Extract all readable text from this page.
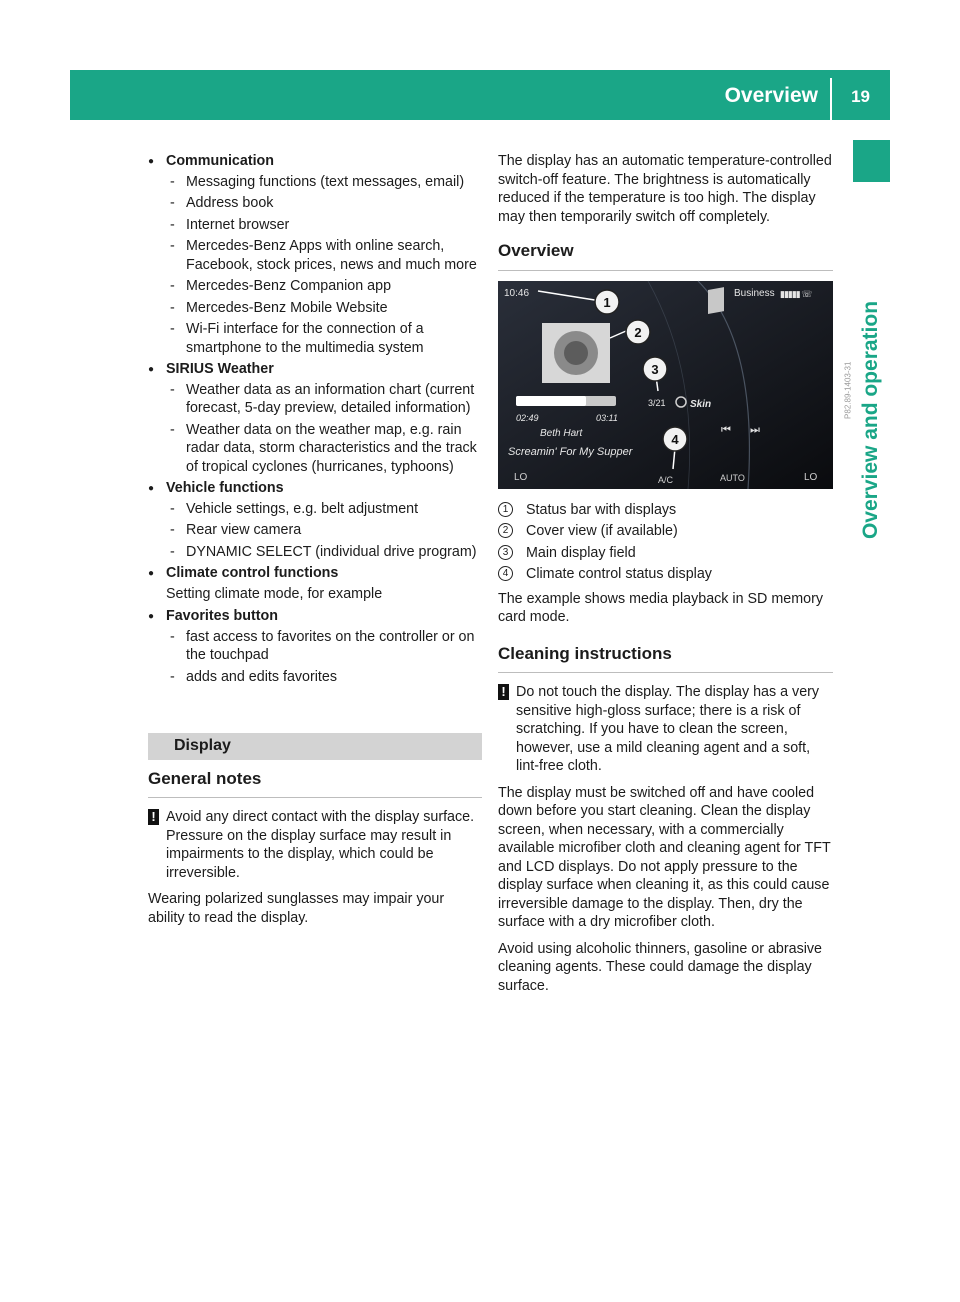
Overview 19
Overview and operation
● Communication
- Messaging functions (text messages, email)
- Address book
- Internet browser
- Mercedes-Benz Apps with online search, Facebook, stock prices, news and much more
- Mercedes-Benz Companion app
- Mercedes-Benz Mobile Website
- Wi-Fi interface for the connection of a smartphone to the multimedia system
● SIRIUS Weather
- Weather data as an information chart (current forecast, 5-day preview, detailed information)
- Weather data on the weather map, e.g. rain radar data, storm characteristics and the track of tropical cyclones (hurricanes, typhoons)
● Vehicle functions
- Vehicle settings, e.g. belt adjustment
- Rear view camera
- DYNAMIC SELECT (individual drive program)
● Climate control functions
Setting climate mode, for example
● Favorites button
- fast access to favorites on the controller or on the touchpad
- adds and edits favorites
Display
General notes
! Avoid any direct contact with the display surface. Pressure on the display surface may result in impairments to the display, which could be irreversible.

Wearing polarized sunglasses may impair your ability to read the display.

The display has an automatic temperature-controlled switch-off feature. The brightness is automatically reduced if the temperature is too high. The display may then temporarily switch off completely.

Overview
1
2
3
4
⏮ ⏭
10:46	Business ▮▮▮▮▮ ☏
02:49	03:11
3/21 Skin
Beth Hart
Screamin' For My Supper
LO	A/C	AUTO	LO
P82.89-1403-31
1	Status bar with displays
2	Cover view (if available)
3	Main display field
4	Climate control status display

The example shows media playback in SD memory card mode.

Cleaning instructions
! Do not touch the display. The display has a very sensitive high-gloss surface; there is a risk of scratching. If you have to clean the screen, however, use a mild cleaning agent and a soft, lint-free cloth.

The display must be switched off and have cooled down before you start cleaning. Clean the display screen, when necessary, with a commercially available microfiber cloth and cleaning agent for TFT and LCD displays. Do not apply pressure to the display surface when cleaning it, as this could cause irreversible damage to the display. Then, dry the surface with a dry microfiber cloth.

Avoid using alcoholic thinners, gasoline or abrasive cleaning agents. These could damage the display surface.
